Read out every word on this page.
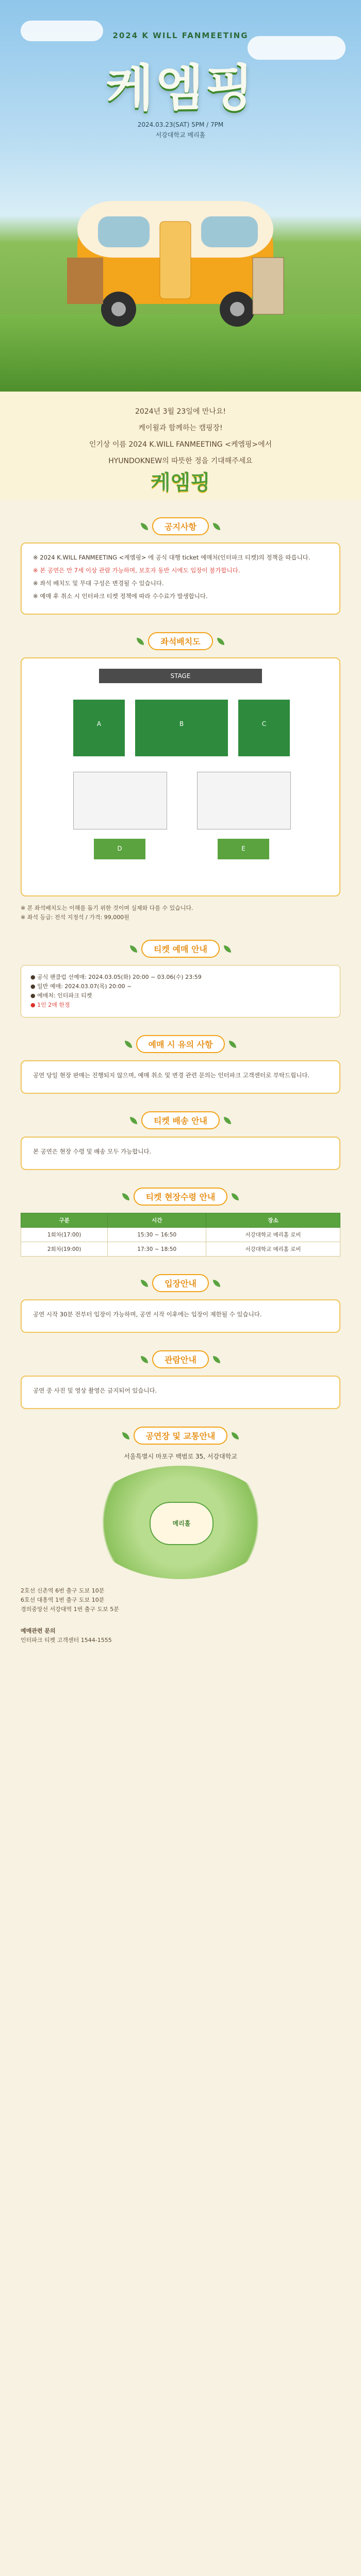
2024 K WILL FANMEETING
케엠핑
2024.03.23(SAT) 5PM / 7PM
서강대학교 메리홀

2024년 3월 23일에 만나요!

케이윌과 함께하는 캠핑장!

인기상 이름 2024 K.WILL FANMEETING <케엠핑>에서

HYUNDOKNEW의 따뜻한 정을 기대해주세요

케엠핑
공지사항

※ 2024 K.WILL FANMEETING <케엠핑> 에 공식 대행 ticket 예매처(인터파크 티켓)의 정책을 따릅니다.

※ 본 공연은 만 7세 이상 관람 가능하며, 보호자 동반 시에도 입장이 불가합니다.

※ 좌석 배치도 및 무대 구성은 변경될 수 있습니다.

※ 예매 후 취소 시 인터파크 티켓 정책에 따라 수수료가 발생합니다.

좌석배치도
STAGE
A	B	C
D	E
※ 본 좌석배치도는 이해를 돕기 위한 것이며 실제와 다를 수 있습니다.
※ 좌석 등급: 전석 지정석 / 가격: 99,000원
티켓 예매 안내
● 공식 팬클럽 선예매: 2024.03.05(화) 20:00 ~ 03.06(수) 23:59
● 일반 예매: 2024.03.07(목) 20:00 ~
● 예매처: 인터파크 티켓
● 1인 2매 한정
예매 시 유의 사항

공연 당일 현장 판매는 진행되지 않으며, 예매 취소 및 변경 관련 문의는 인터파크 고객센터로 부탁드립니다.

티켓 배송 안내

본 공연은 현장 수령 및 배송 모두 가능합니다.

티켓 현장수령 안내
구분	시간	장소
1회차(17:00)	15:30 ~ 16:50	서강대학교 메리홀 로비
2회차(19:00)	17:30 ~ 18:50	서강대학교 메리홀 로비
입장안내

공연 시작 30분 전부터 입장이 가능하며, 공연 시작 이후에는 입장이 제한될 수 있습니다.

관람안내

공연 중 사진 및 영상 촬영은 금지되어 있습니다.

공연장 및 교통안내
서울특별시 마포구 백범로 35, 서강대학교
메리홀
2호선 신촌역 6번 출구 도보 10분
6호선 대흥역 1번 출구 도보 10분
경의중앙선 서강대역 1번 출구 도보 5분
예매관련 문의
인터파크 티켓 고객센터 1544-1555
